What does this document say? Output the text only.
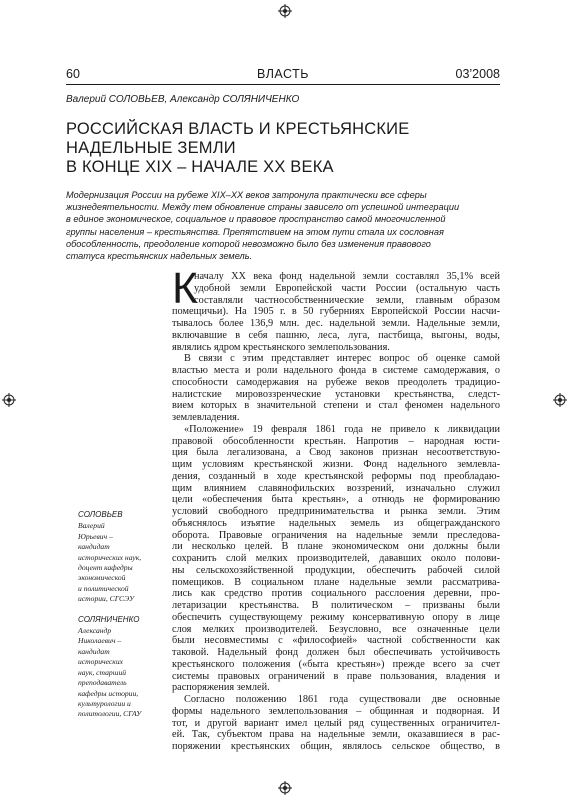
60	ВЛАСТЬ	03’2008
Валерий СОЛОВЬЕВ, Александр СОЛЯНИЧЕНКО
РОССИЙСКАЯ ВЛАСТЬ И КРЕСТЬЯНСКИЕ
НАДЕЛЬНЫЕ ЗЕМЛИ
В КОНЦЕ XIX – НАЧАЛЕ XX ВЕКА
Модернизация России на рубеже XIX–XX веков затронула практически все сферы
жизнедеятельности. Между тем обновление страны зависело от успешной интеграции
в единое экономическое, социальное и правовое пространство самой многочисленной
группы населения – крестьянства. Препятствием на этом пути стала их сословная
обособленность, преодоление которой невозможно было без изменения правового
статуса крестьянских надельных земель.
К
началу XX века фонд надельной земли составлял 35,1% всей
удобной земли Европейской части России (остальную часть
составляли частнособственнические земли, главным образом
помещичьи). На 1905 г. в 50 губерниях Европейской России насчи-
тывалось более 136,9 млн. дес. надельной земли. Надельные земли,
включавшие в себя пашню, леса, луга, пастбища, выгоны, воды,
являлись ядром крестьянского землепользования.
В связи с этим представляет интерес вопрос об оценке самой
властью места и роли надельного фонда в системе самодержавия, о
способности самодержавия на рубеже веков преодолеть традицио-
налистские мировоззренческие установки крестьянства, следст-
вием которых в значительной степени и стал феномен надельного
землевладения.
«Положение» 19 февраля 1861 года не привело к ликвидации
правовой обособленности крестьян. Напротив – народная юсти-
ция была легализована, а Свод законов признан несоответствую-
щим условиям крестьянской жизни. Фонд надельного землевла-
дения, созданный в ходе крестьянской реформы под преобладаю-
щим влиянием славянофильских воззрений, изначально служил
цели «обеспечения быта крестьян», а отнюдь не формированию
условий свободного предпринимательства и рынка земли. Этим
объяснялось изъятие надельных земель из общегражданского
оборота. Правовые ограничения на надельные земли преследова-
ли несколько целей. В плане экономическом они должны были
сохранить слой мелких производителей, дававших около полови-
ны сельскохозяйственной продукции, обеспечить рабочей силой
помещиков. В социальном плане надельные земли рассматрива-
лись как средство против социального расслоения деревни, про-
летаризации крестьянства. В политическом – призваны были
обеспечить существующему режиму консервативную опору в лице
слоя мелких производителей. Безусловно, все означенные цели
были несовместимы с «философией» частной собственности как
таковой. Надельный фонд должен был обеспечивать устойчивость
крестьянского положения («быта крестьян») прежде всего за счет
системы правовых ограничений в праве пользования, владения и
распоряжения землей.
Согласно положению 1861 года существовали две основные
формы надельного землепользования – общинная и подворная. И
тот, и другой вариант имел целый ряд существенных ограничител-
ей. Так, субъектом права на надельные земли, оказавшиеся в рас-
поряжении крестьянских общин, являлось сельское общество, в
СОЛОВЬЕВ
Валерий
Юрьевич –
кандидат
исторических наук,
доцент кафедры
экономической
и политической
истории, СГСЭУ
СОЛЯНИЧЕНКО
Александр
Николаевич –
кандидат
исторических
наук, старший
преподаватель
кафедры истории,
культурологии и
политологии, СГАУ
